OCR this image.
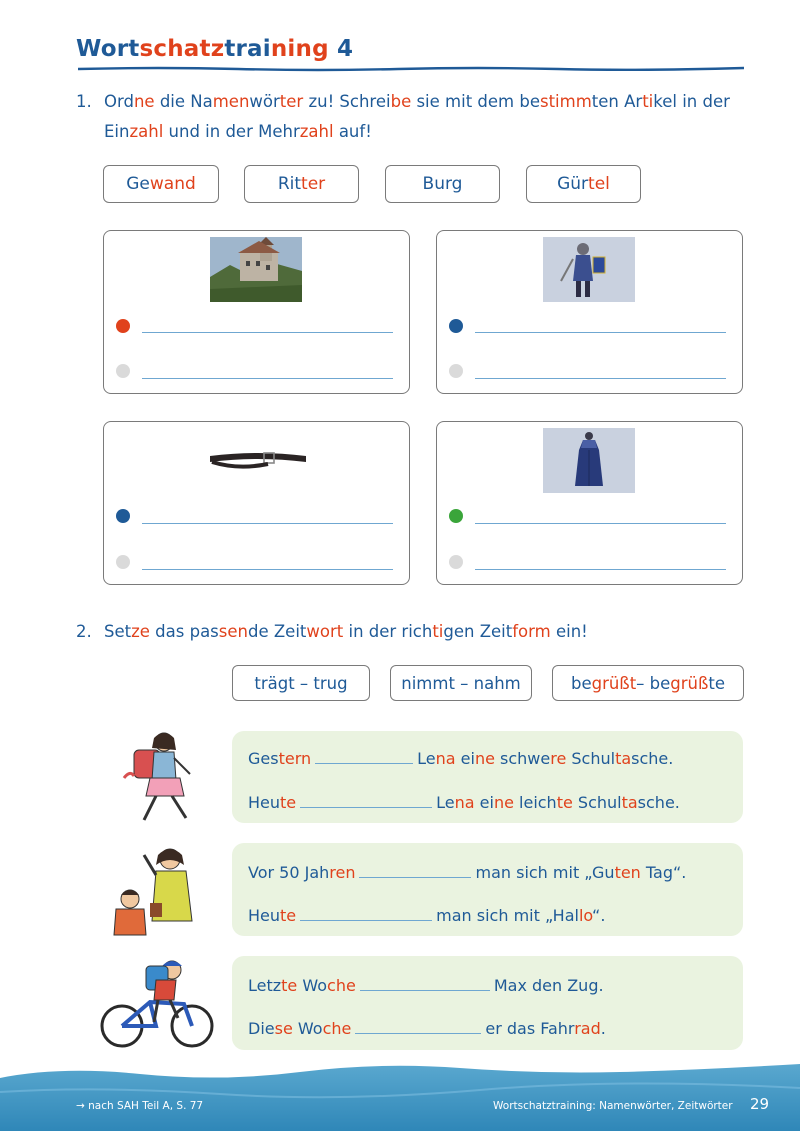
Wortschatztraining 4
1. Ordne die Namenwörter zu! Schreibe sie mit dem bestimmten Artikel in der
Einzahl und in der Mehrzahl auf!
Ge wand	Rit ter	Burg	Gür tel
2. Setze das passende Zeitwort in der richtigen Zeitform ein!
trägt – trug	nimmt – nahm	be grüßt – be grüß te
Gestern	Lena eine schwere Schultasche.
Heute	Lena eine leichte Schultasche.
Vor 50 Jahren	man sich mit „Guten Tag“.
Heute	man sich mit „Hallo“.
Letzte Woche	Max den Zug.
Diese Woche	er das Fahrrad.
→ nach SAH Teil A, S. 77	Wortschatztraining: Namenwörter, Zeitwörter 29
